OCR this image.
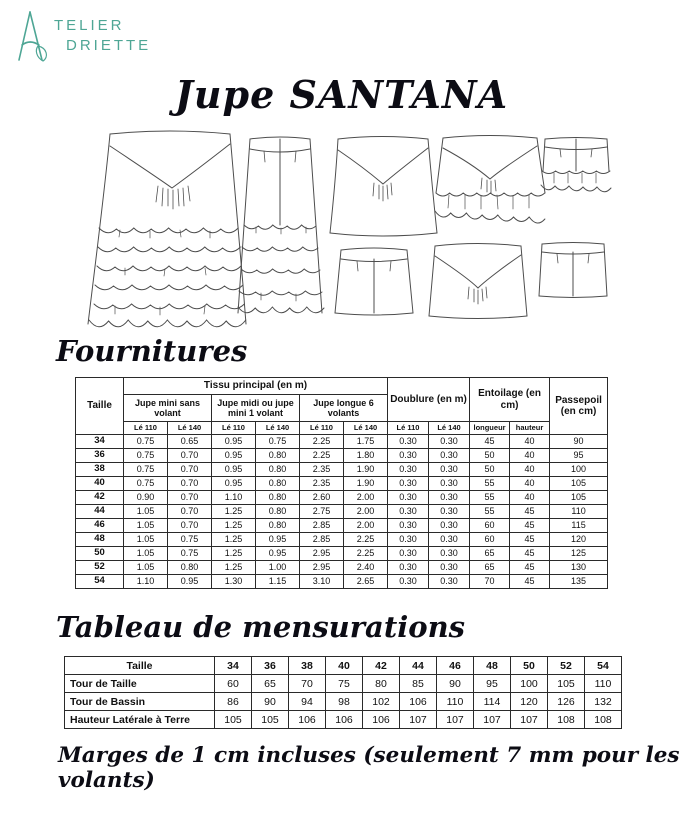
TELIER
DRIETTE
Jupe SANTANA
Fournitures
Taille	Tissu principal (en m)						Doublure (en m)		Entoilage (en cm)		Passepoil (en cm)
	Jupe mini sans volant		Jupe midi ou jupe mini 1 volant		Jupe longue 6 volants						
	Lé 110	Lé 140	Lé 110	Lé 140	Lé 110	Lé 140	Lé 110	Lé 140	longueur	hauteur	
34	0.75	0.65	0.95	0.75	2.25	1.75	0.30	0.30	45	40	90
36	0.75	0.70	0.95	0.80	2.25	1.80	0.30	0.30	50	40	95
38	0.75	0.70	0.95	0.80	2.35	1.90	0.30	0.30	50	40	100
40	0.75	0.70	0.95	0.80	2.35	1.90	0.30	0.30	55	40	105
42	0.90	0.70	1.10	0.80	2.60	2.00	0.30	0.30	55	40	105
44	1.05	0.70	1.25	0.80	2.75	2.00	0.30	0.30	55	45	110
46	1.05	0.70	1.25	0.80	2.85	2.00	0.30	0.30	60	45	115
48	1.05	0.75	1.25	0.95	2.85	2.25	0.30	0.30	60	45	120
50	1.05	0.75	1.25	0.95	2.95	2.25	0.30	0.30	65	45	125
52	1.05	0.80	1.25	1.00	2.95	2.40	0.30	0.30	65	45	130
54	1.10	0.95	1.30	1.15	3.10	2.65	0.30	0.30	70	45	135
Tableau de mensurations
Taille	34	36	38	40	42	44	46	48	50	52	54
Tour de Taille	60	65	70	75	80	85	90	95	100	105	110
Tour de Bassin	86	90	94	98	102	106	110	114	120	126	132
Hauteur Latérale à Terre	105	105	106	106	106	107	107	107	107	108	108
Marges de 1 cm incluses (seulement 7 mm pour les volants)
